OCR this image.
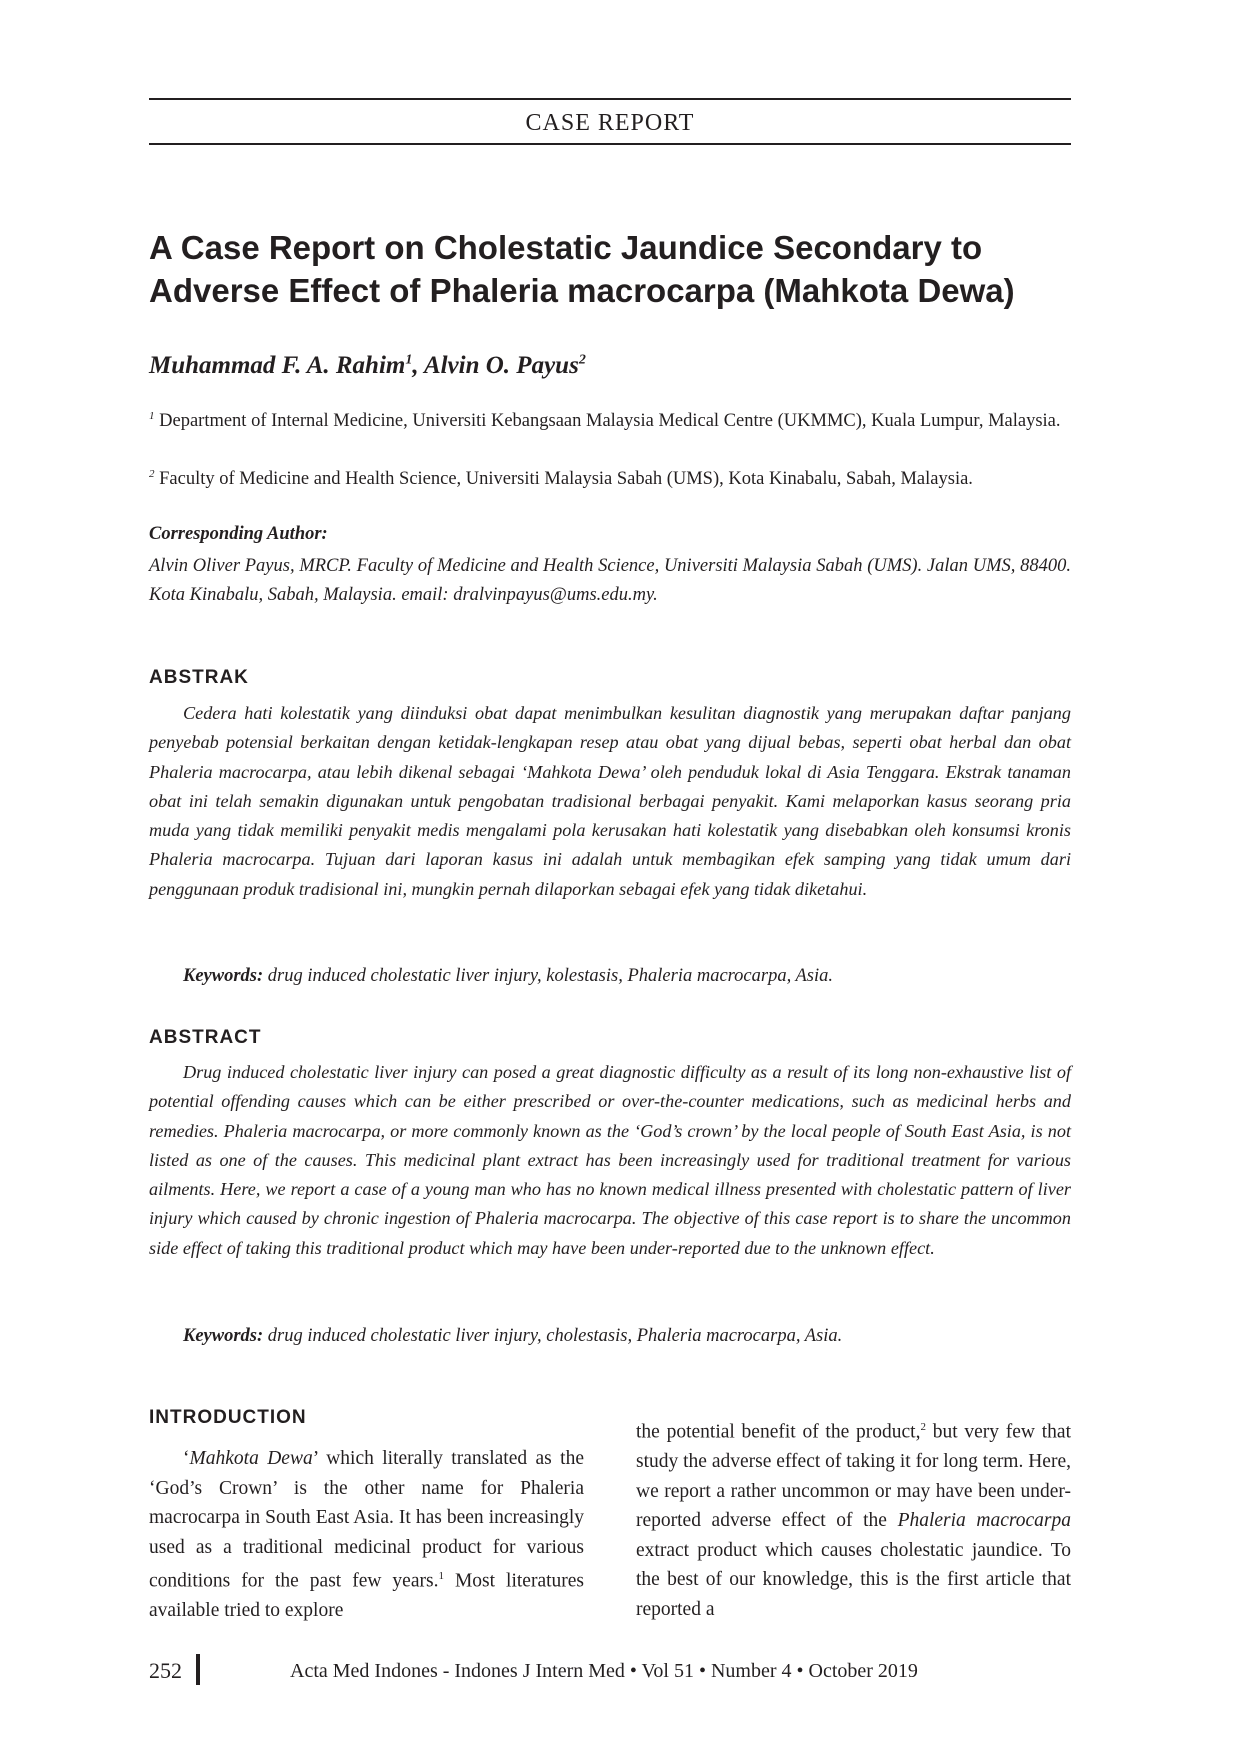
CASE REPORT
A Case Report on Cholestatic Jaundice Secondary to
Adverse Effect of Phaleria macrocarpa (Mahkota Dewa)
Muhammad F. A. Rahim$^1$, Alvin O. Payus$^2$
$^1$ Department of Internal Medicine, Universiti Kebangsaan Malaysia Medical Centre (UKMMC), Kuala Lumpur, Malaysia.
$^2$ Faculty of Medicine and Health Science, Universiti Malaysia Sabah (UMS), Kota Kinabalu, Sabah, Malaysia.
Corresponding Author:
Alvin Oliver Payus, MRCP. Faculty of Medicine and Health Science, Universiti Malaysia Sabah (UMS). Jalan UMS, 88400. Kota Kinabalu, Sabah, Malaysia. email: dralvinpayus@ums.edu.my.
ABSTRAK

Cedera hati kolestatik yang diinduksi obat dapat menimbulkan kesulitan diagnostik yang merupakan daftar panjang penyebab potensial berkaitan dengan ketidak-lengkapan resep atau obat yang dijual bebas, seperti obat herbal dan obat Phaleria macrocarpa, atau lebih dikenal sebagai ‘Mahkota Dewa’ oleh penduduk lokal di Asia Tenggara. Ekstrak tanaman obat ini telah semakin digunakan untuk pengobatan tradisional berbagai penyakit. Kami melaporkan kasus seorang pria muda yang tidak memiliki penyakit medis mengalami pola kerusakan hati kolestatik yang disebabkan oleh konsumsi kronis Phaleria macrocarpa. Tujuan dari laporan kasus ini adalah untuk membagikan efek samping yang tidak umum dari penggunaan produk tradisional ini, mungkin pernah dilaporkan sebagai efek yang tidak diketahui.

Keywords: drug induced cholestatic liver injury, kolestasis, Phaleria macrocarpa, Asia.
ABSTRACT

Drug induced cholestatic liver injury can posed a great diagnostic difficulty as a result of its long non-exhaustive list of potential offending causes which can be either prescribed or over-the-counter medications, such as medicinal herbs and remedies. Phaleria macrocarpa, or more commonly known as the ‘God’s crown’ by the local people of South East Asia, is not listed as one of the causes. This medicinal plant extract has been increasingly used for traditional treatment for various ailments. Here, we report a case of a young man who has no known medical illness presented with cholestatic pattern of liver injury which caused by chronic ingestion of Phaleria macrocarpa. The objective of this case report is to share the uncommon side effect of taking this traditional product which may have been under-reported due to the unknown effect.

Keywords: drug induced cholestatic liver injury, cholestasis, Phaleria macrocarpa, Asia.
INTRODUCTION

‘Mahkota Dewa’ which literally translated as the ‘God’s Crown’ is the other name for Phaleria macrocarpa in South East Asia. It has been increasingly used as a traditional medicinal product for various conditions for the past few years.$^1$ Most literatures available tried to explore

the potential benefit of the product,$^2$ but very few that study the adverse effect of taking it for long term. Here, we report a rather uncommon or may have been under-reported adverse effect of the Phaleria macrocarpa extract product which causes cholestatic jaundice. To the best of our knowledge, this is the first article that reported a

252	Acta Med Indones - Indones J Intern Med • Vol 51 • Number 4 • October 2019
